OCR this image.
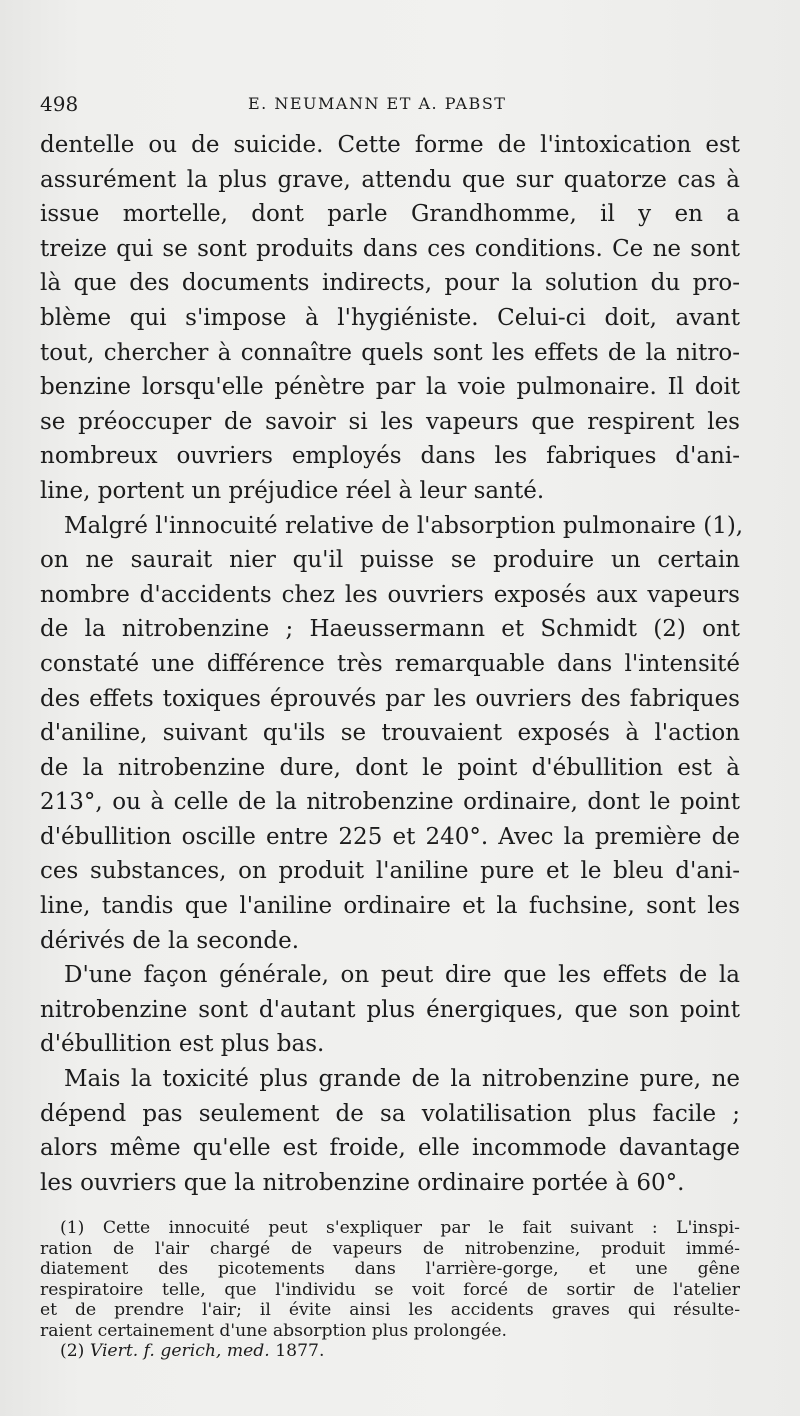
498	E. NEUMANN ET A. PABST
dentelle ou de suicide. Cette forme de l'intoxication est
assurément la plus grave, attendu que sur quatorze cas à
issue mortelle, dont parle Grandhomme, il y en a
treize qui se sont produits dans ces conditions. Ce ne sont
là que des documents indirects, pour la solution du pro-
blème qui s'impose à l'hygiéniste. Celui-ci doit, avant
tout, chercher à connaître quels sont les effets de la nitro-
benzine lorsqu'elle pénètre par la voie pulmonaire. Il doit
se préoccuper de savoir si les vapeurs que respirent les
nombreux ouvriers employés dans les fabriques d'ani-
line, portent un préjudice réel à leur santé.
Malgré l'innocuité relative de l'absorption pulmonaire (1),
on ne saurait nier qu'il puisse se produire un certain
nombre d'accidents chez les ouvriers exposés aux vapeurs
de la nitrobenzine ; Haeussermann et Schmidt (2) ont
constaté une différence très remarquable dans l'intensité
des effets toxiques éprouvés par les ouvriers des fabriques
d'aniline, suivant qu'ils se trouvaient exposés à l'action
de la nitrobenzine dure, dont le point d'ébullition est à
213°, ou à celle de la nitrobenzine ordinaire, dont le point
d'ébullition oscille entre 225 et 240°. Avec la première de
ces substances, on produit l'aniline pure et le bleu d'ani-
line, tandis que l'aniline ordinaire et la fuchsine, sont les
dérivés de la seconde.
D'une façon générale, on peut dire que les effets de la
nitrobenzine sont d'autant plus énergiques, que son point
d'ébullition est plus bas.
Mais la toxicité plus grande de la nitrobenzine pure, ne
dépend pas seulement de sa volatilisation plus facile ;
alors même qu'elle est froide, elle incommode davantage
les ouvriers que la nitrobenzine ordinaire portée à 60°.
(1) Cette innocuité peut s'expliquer par le fait suivant : L'inspi-
ration de l'air chargé de vapeurs de nitrobenzine, produit immé-
diatement des picotements dans l'arrière-gorge, et une gêne
respiratoire telle, que l'individu se voit forcé de sortir de l'atelier
et de prendre l'air; il évite ainsi les accidents graves qui résulte-
raient certainement d'une absorption plus prolongée.
(2) Viert. f. gerich, med. 1877.
